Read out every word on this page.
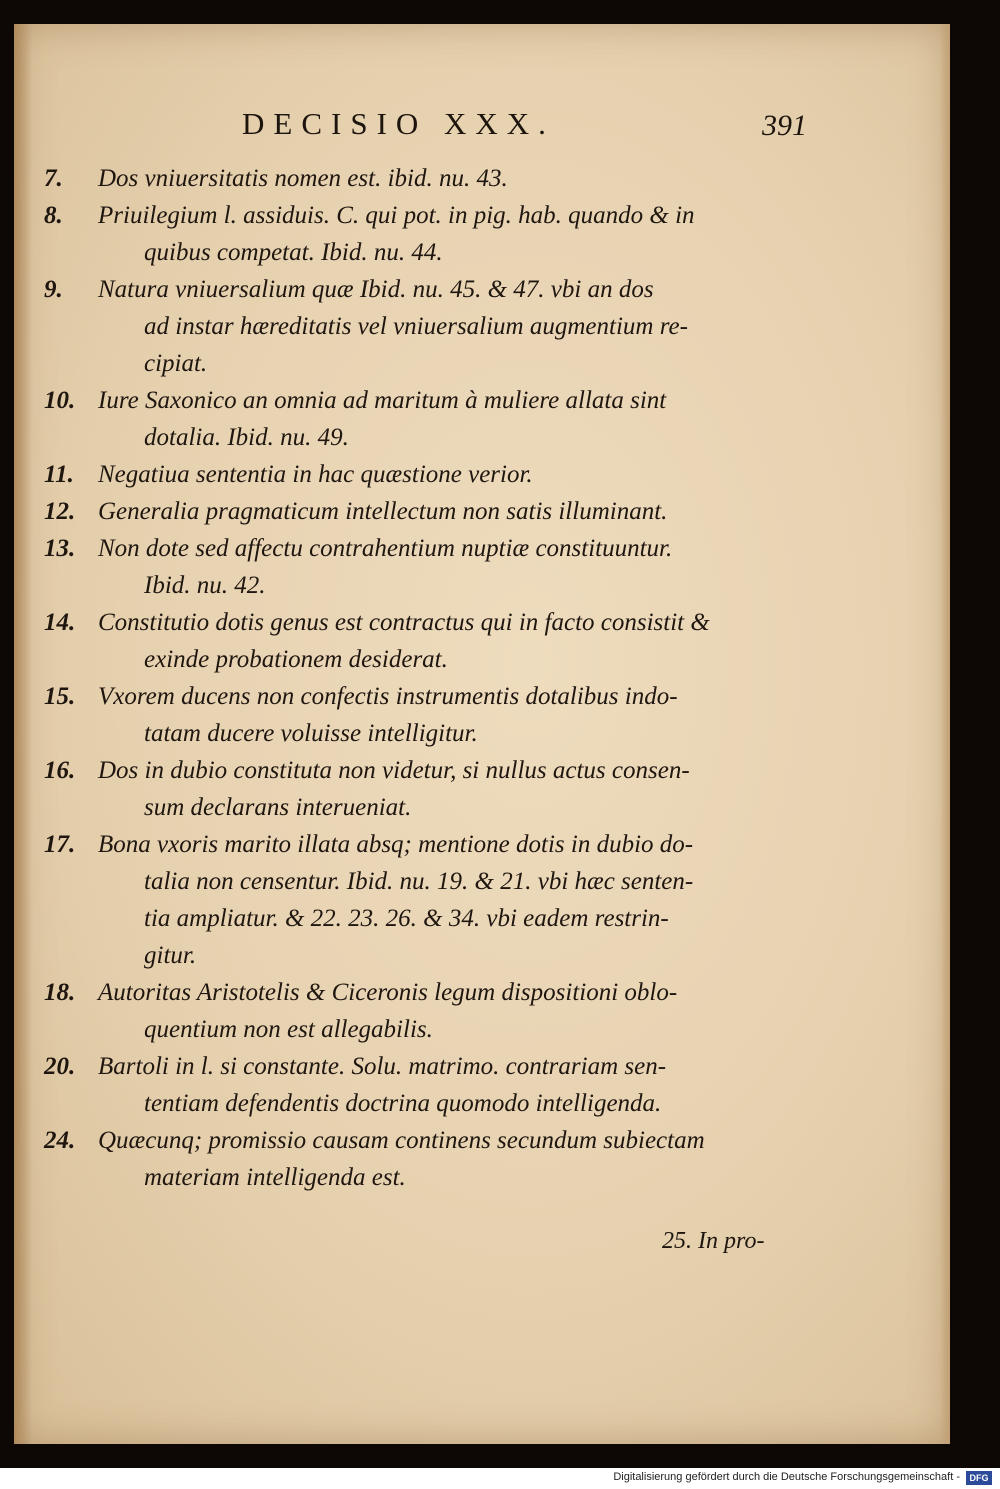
DECISIO XXX.	391
7.	Dos vniuersitatis nomen est. ibid. nu. 43.
8.	Priuilegium l. assiduis. C. qui pot. in pig. hab. quando & in
quibus competat. Ibid. nu. 44.
9.	Natura vniuersalium quæ Ibid. nu. 45. & 47. vbi an dos
ad instar hæreditatis vel vniuersalium augmentium re-
cipiat.
10. Iure Saxonico an omnia ad maritum à muliere allata sint
dotalia. Ibid. nu. 49.
11. Negatiua sententia in hac quæstione verior.
12. Generalia pragmaticum intellectum non satis illuminant.
13. Non dote sed affectu contrahentium nuptiæ constituuntur.
Ibid. nu. 42.
14. Constitutio dotis genus est contractus qui in facto consistit &
exinde probationem desiderat.
15. Vxorem ducens non confectis instrumentis dotalibus indo-
tatam ducere voluisse intelligitur.
16. Dos in dubio constituta non videtur, si nullus actus consen-
sum declarans interueniat.
17. Bona vxoris marito illata absq; mentione dotis in dubio do-
talia non censentur. Ibid. nu. 19. & 21. vbi hæc senten-
tia ampliatur. & 22. 23. 26. & 34. vbi eadem restrin-
gitur.
18. Autoritas Aristotelis & Ciceronis legum dispositioni oblo-
quentium non est allegabilis.
20. Bartoli in l. si constante. Solu. matrimo. contrariam sen-
tentiam defendentis doctrina quomodo intelligenda.
24. Quæcunq; promissio causam continens secundum subiectam
materiam intelligenda est.
25. In pro-
Digitalisierung gefördert durch die Deutsche Forschungsgemeinschaft -	DFG
